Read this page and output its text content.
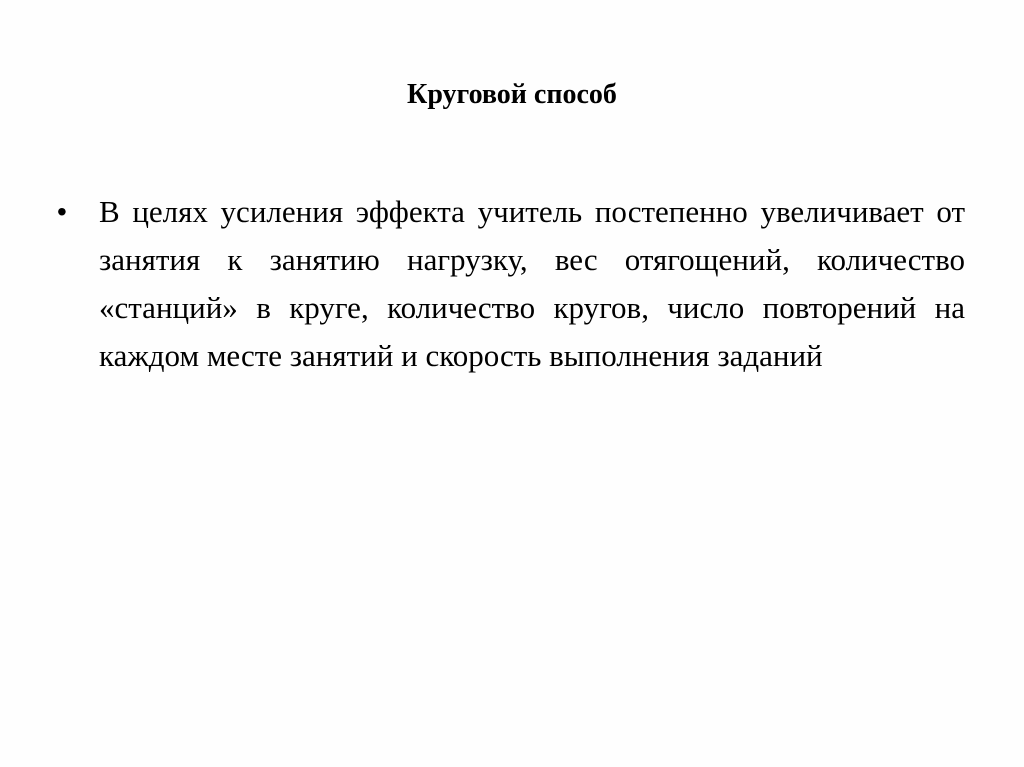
Круговой способ
•	В целях усиления эффекта учитель постепенно увеличивает от занятия к занятию нагрузку, вес отягощений, количество «станций» в круге, количество кругов, число повторений на каждом месте занятий и скорость выполнения заданий
